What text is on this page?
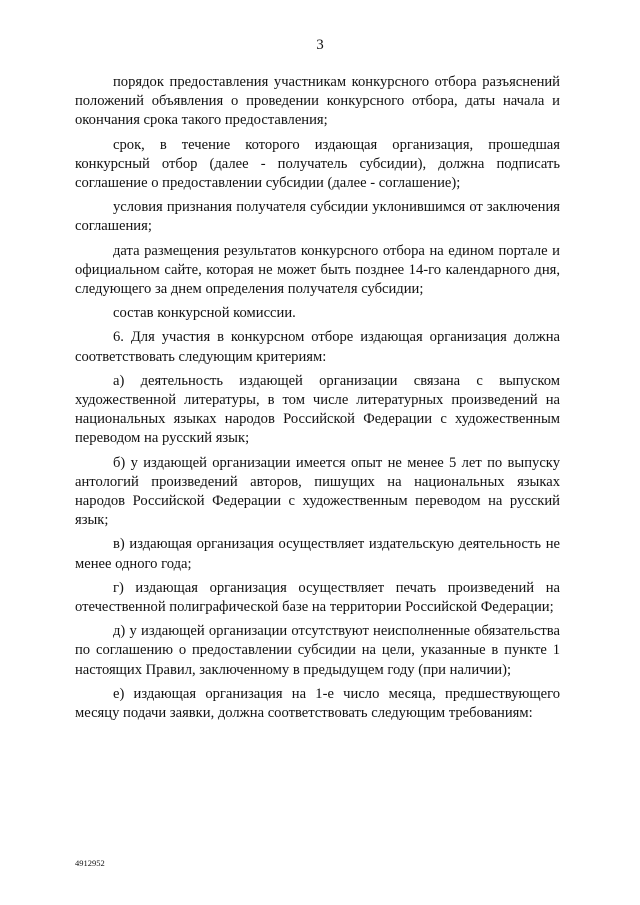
3

порядок предоставления участникам конкурсного отбора разъяснений положений объявления о проведении конкурсного отбора, даты начала и окончания срока такого предоставления;

срок, в течение которого издающая организация, прошедшая конкурсный отбор (далее - получатель субсидии), должна подписать соглашение о предоставлении субсидии (далее - соглашение);

условия признания получателя субсидии уклонившимся от заключения соглашения;

дата размещения результатов конкурсного отбора на едином портале и официальном сайте, которая не может быть позднее 14-го календарного дня, следующего за днем определения получателя субсидии;

состав конкурсной комиссии.

6. Для участия в конкурсном отборе издающая организация должна соответствовать следующим критериям:

а) деятельность издающей организации связана с выпуском художественной литературы, в том числе литературных произведений на национальных языках народов Российской Федерации с художественным переводом на русский язык;

б) у издающей организации имеется опыт не менее 5 лет по выпуску антологий произведений авторов, пишущих на национальных языках народов Российской Федерации с художественным переводом на русский язык;

в) издающая организация осуществляет издательскую деятельность не менее одного года;

г) издающая организация осуществляет печать произведений на отечественной полиграфической базе на территории Российской Федерации;

д) у издающей организации отсутствуют неисполненные обязательства по соглашению о предоставлении субсидии на цели, указанные в пункте 1 настоящих Правил, заключенному в предыдущем году (при наличии);

е) издающая организация на 1-е число месяца, предшествующего месяцу подачи заявки, должна соответствовать следующим требованиям:

4912952
